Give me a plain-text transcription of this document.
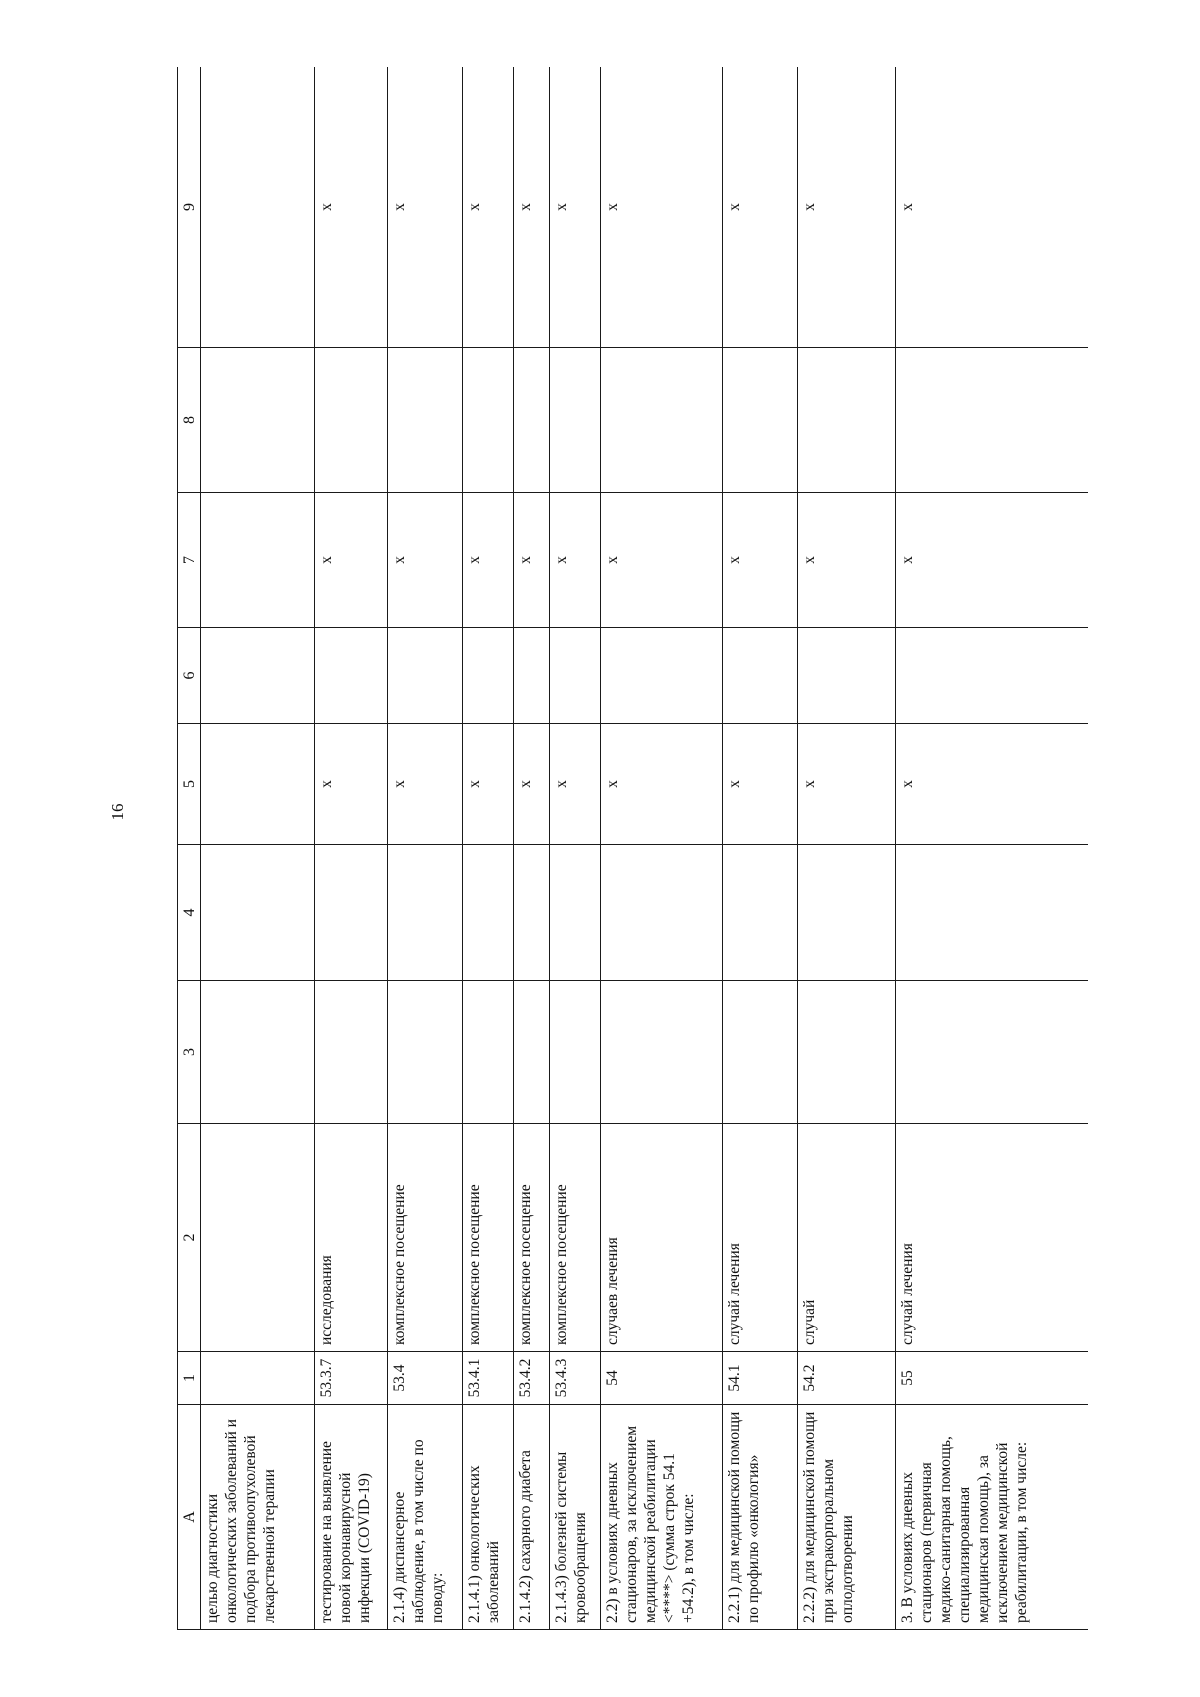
16
А	1	2	3	4	5	6	7	8	9
целью диагностики онкологических заболеваний и подбора противоопухолевой лекарственной терапии									
тестирование на выявление новой коронавирусной инфекции (COVID-19)	53.3.7	исследования			x		x		x
2.1.4) диспансерное наблюдение, в том числе по поводу:	53.4	комплексное посещение			x		x		x
2.1.4.1) онкологических заболеваний	53.4.1	комплексное посещение			x		x		x
2.1.4.2) сахарного диабета	53.4.2	комплексное посещение			x		x		x
2.1.4.3) болезней системы кровообращения	53.4.3	комплексное посещение			x		x		x
2.2) в условиях дневных стационаров, за исключением медицинской реабилитации <****> (сумма строк 54.1 +54.2), в том числе:	54	случаев лечения			x		x		x
2.2.1) для медицинской помощи по профилю «онкология»	54.1	случай лечения			x		x		x
2.2.2) для медицинской помощи при экстракорпоральном оплодотворении	54.2	случай			x		x		x
3. В условиях дневных стационаров (первичная медико-санитарная помощь, специализированная медицинская помощь), за исключением медицинской реабилитации, в том числе:	55	случай лечения			x		x		x
